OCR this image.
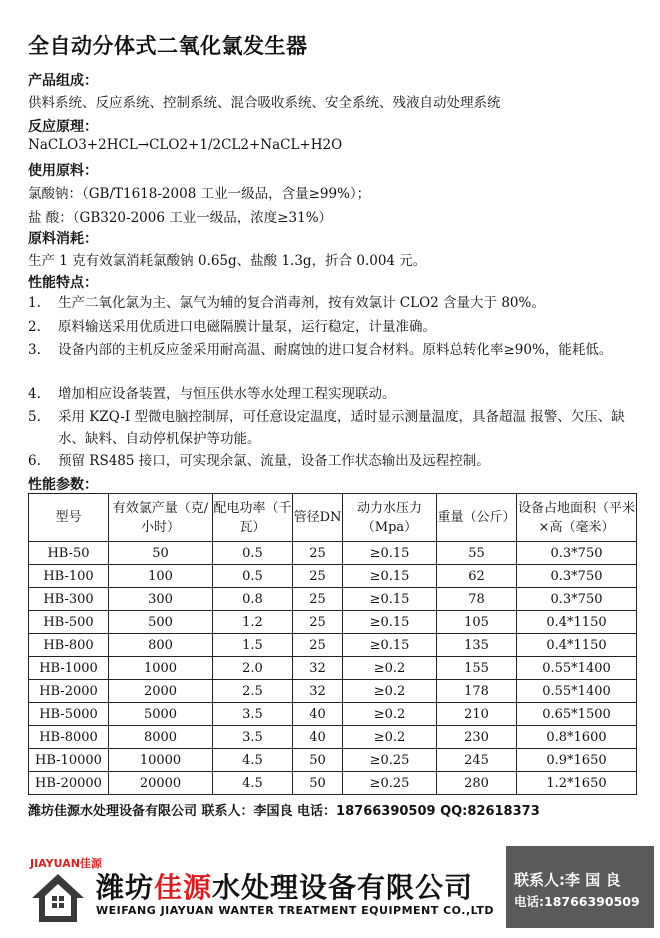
全自动分体式二氧化氯发生器
产品组成：
供料系统、反应系统、控制系统、混合吸收系统、安全系统、残液自动处理系统
反应原理：
NaCLO3+2HCL→CLO2+1/2CL2+NaCL+H2O
使用原料：
氯酸钠：（GB/T1618-2008 工业一级品，含量≥99%）；
盐 酸：（GB320-2006 工业一级品，浓度≥31%）
原料消耗：
生产 1 克有效氯消耗氯酸钠 0.65g、盐酸 1.3g，折合 0.004 元。
性能特点：
1. 生产二氧化氯为主、氯气为辅的复合消毒剂，按有效氯计 CLO2 含量大于 80%。
2. 原料输送采用优质进口电磁隔膜计量泵，运行稳定，计量准确。
3. 设备内部的主机反应釜采用耐高温、耐腐蚀的进口复合材料。原料总转化率≥90%，能耗低。
4. 增加相应设备装置，与恒压供水等水处理工程实现联动。
5. 采用 KZQ-I 型微电脑控制屏，可任意设定温度，适时显示测量温度，具备超温 报警、欠压、缺水、缺料、自动停机保护等功能。
6. 预留 RS485 接口，可实现余氯、流量，设备工作状态输出及远程控制。
性能参数：
型号	有效氯产量（克/小时）	配电功率（千瓦）	管径DN	动力水压力（Mpa）	重量（公斤）	设备占地面积（平米×高（毫米）
HB-50	50	0.5	25	≥0.15	55	0.3*750
HB-100	100	0.5	25	≥0.15	62	0.3*750
HB-300	300	0.8	25	≥0.15	78	0.3*750
HB-500	500	1.2	25	≥0.15	105	0.4*1150
HB-800	800	1.5	25	≥0.15	135	0.4*1150
HB-1000	1000	2.0	32	≥0.2	155	0.55*1400
HB-2000	2000	2.5	32	≥0.2	178	0.55*1400
HB-5000	5000	3.5	40	≥0.2	210	0.65*1500
HB-8000	8000	3.5	40	≥0.2	230	0.8*1600
HB-10000	10000	4.5	50	≥0.25	245	0.9*1650
HB-20000	20000	4.5	50	≥0.25	280	1.2*1650
潍坊佳源水处理设备有限公司 联系人：李国良 电话：18766390509 QQ:82618373
JIAYUAN佳源
潍坊佳源水处理设备有限公司
WEIFANG JIAYUAN WANTER TREATMENT EQUIPMENT CO.,LTD
联系人:李 国 良
电话:18766390509
